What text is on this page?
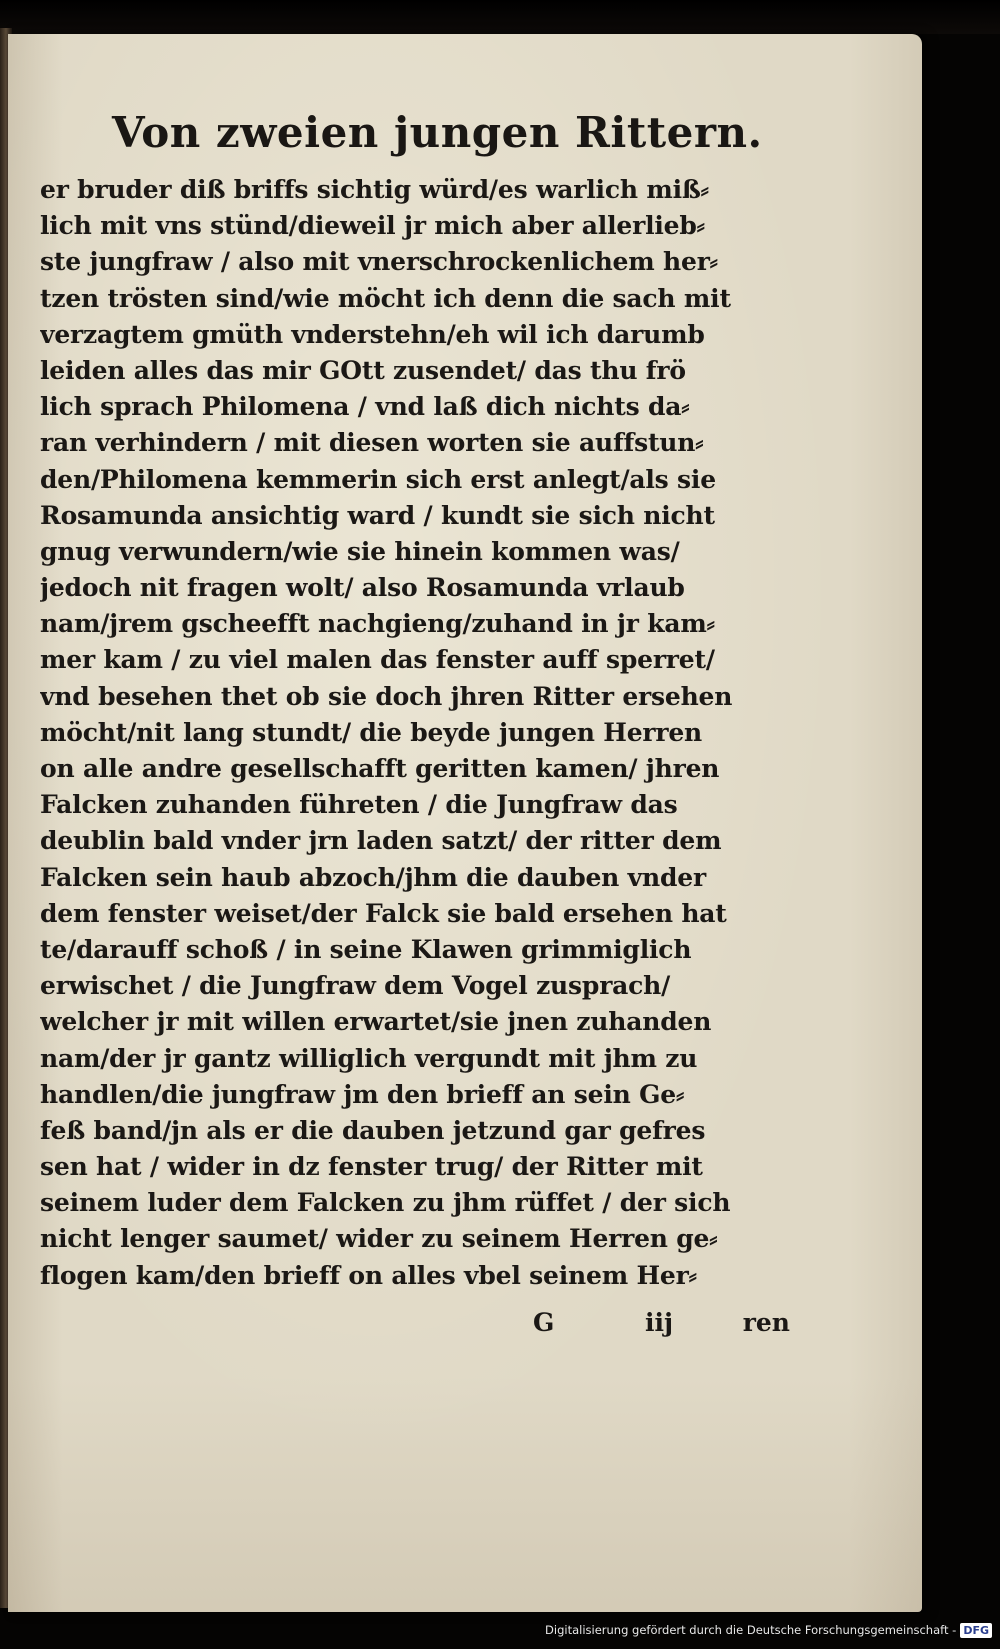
Von zweien jungen Rittern.
er bruder diß briffs sichtig würd/es warlich miß⸗
lich mit vns stünd/dieweil jr mich aber allerlieb⸗
ste jungfraw / also mit vnerschrockenlichem her⸗
tzen trösten sind/wie möcht ich denn die sach mit
verzagtem gmüth vnderstehn/eh wil ich darumb
leiden alles das mir GOtt zusendet/ das thu frö
lich sprach Philomena / vnd laß dich nichts da⸗
ran verhindern / mit diesen worten sie auffstun⸗
den/Philomena kemmerin sich erst anlegt/als sie
Rosamunda ansichtig ward / kundt sie sich nicht
gnug verwundern/wie sie hinein kommen was/
jedoch nit fragen wolt/ also Rosamunda vrlaub
nam/jrem gscheefft nachgieng/zuhand in jr kam⸗
mer kam / zu viel malen das fenster auff sperret/
vnd besehen thet ob sie doch jhren Ritter ersehen
möcht/nit lang stundt/ die beyde jungen Herren
on alle andre gesellschafft geritten kamen/ jhren
Falcken zuhanden führeten / die Jungfraw das
deublin bald vnder jrn laden satzt/ der ritter dem
Falcken sein haub abzoch/jhm die dauben vnder
dem fenster weiset/der Falck sie bald ersehen hat
te/darauff schoß / in seine Klawen grimmiglich
erwischet / die Jungfraw dem Vogel zusprach/
welcher jr mit willen erwartet/sie jnen zuhanden
nam/der jr gantz williglich vergundt mit jhm zu
handlen/die jungfraw jm den brieff an sein Ge⸗
feß band/jn als er die dauben jetzund gar gefres
sen hat / wider in dz fenster trug/ der Ritter mit
seinem luder dem Falcken zu jhm rüffet / der sich
nicht lenger saumet/ wider zu seinem Herren ge⸗
flogen kam/den brieff on alles vbel seinem Her⸗
G	iij	ren
Digitalisierung gefördert durch die Deutsche Forschungsgemeinschaft - DFG
